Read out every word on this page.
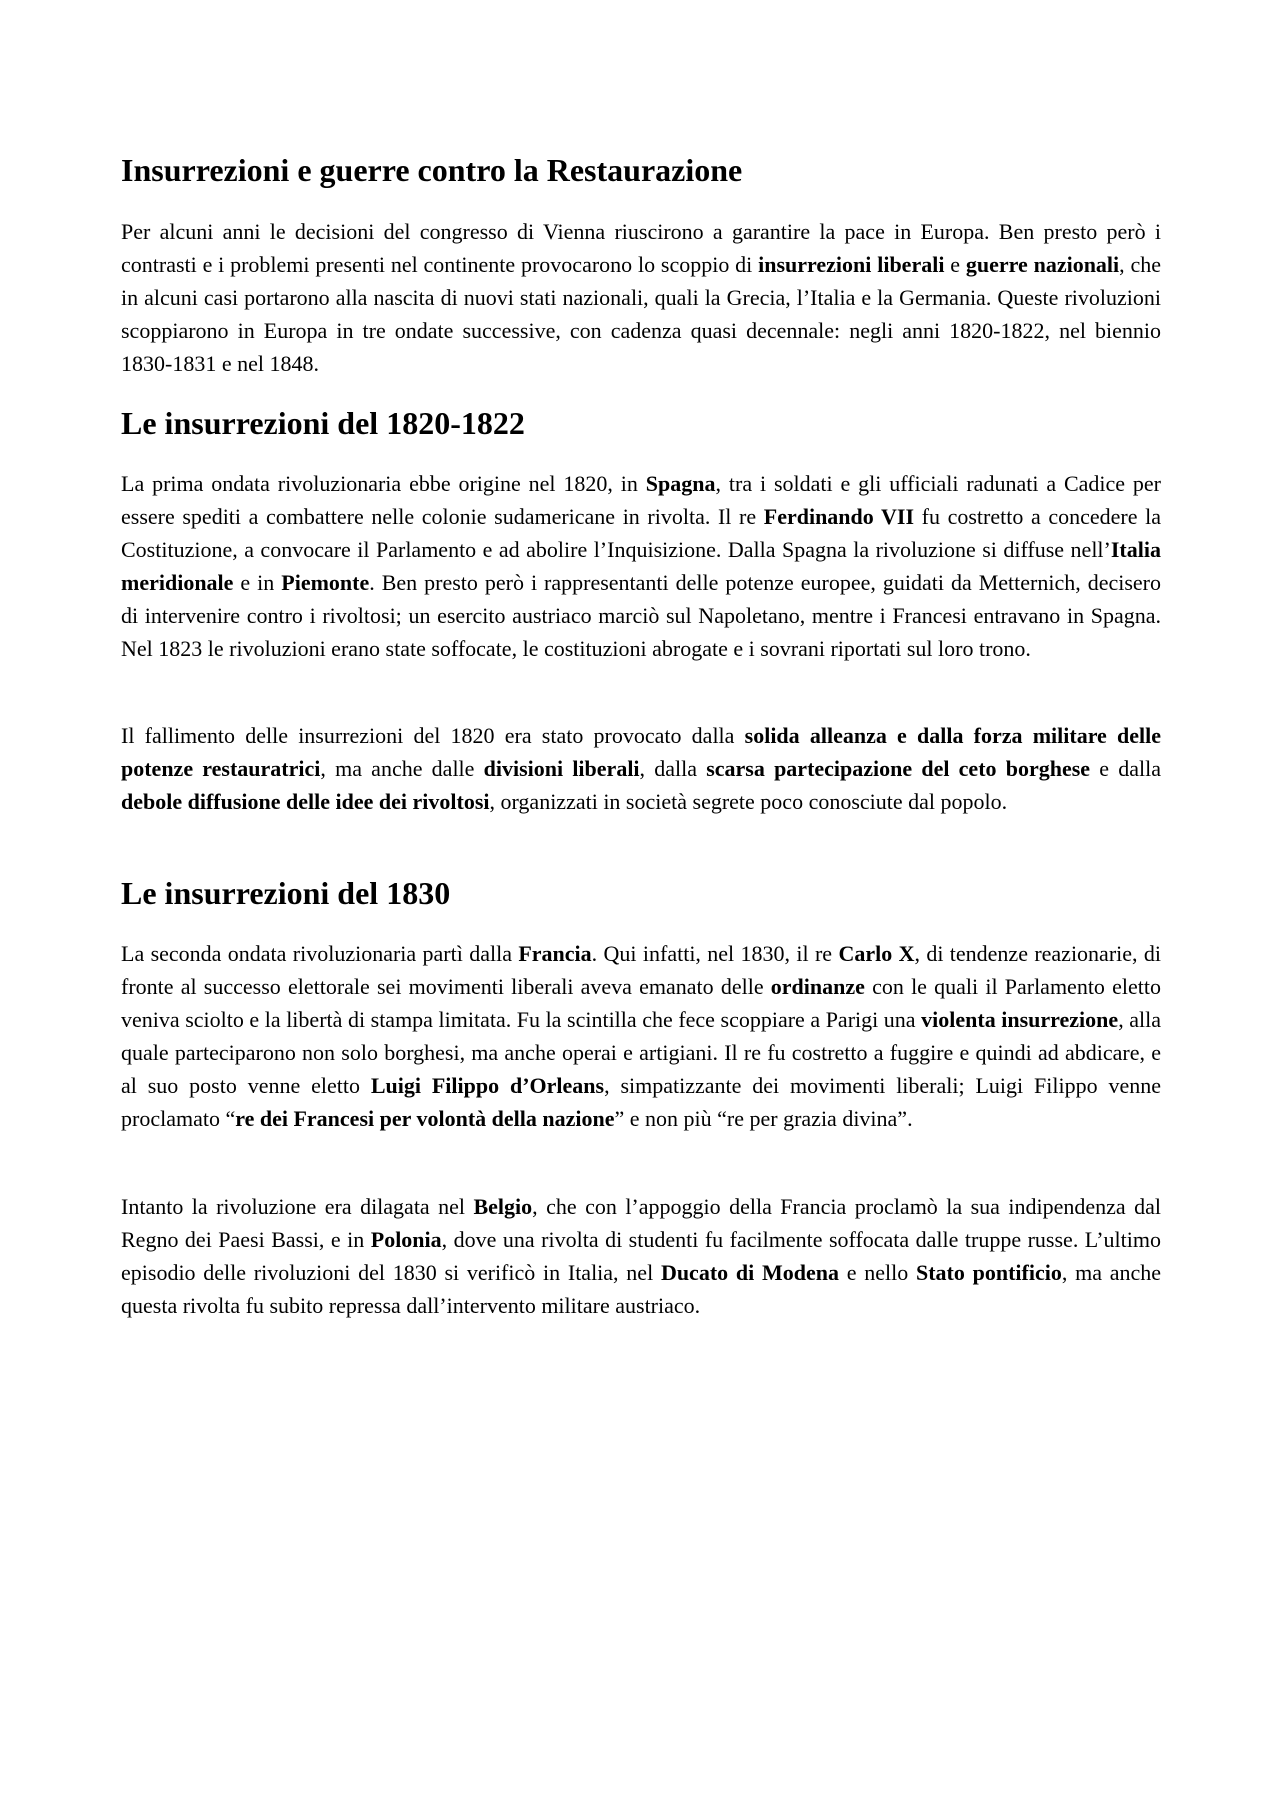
Insurrezioni e guerre contro la Restaurazione

Per alcuni anni le decisioni del congresso di Vienna riuscirono a garantire la pace in Europa. Ben presto però i contrasti e i problemi presenti nel continente provocarono lo scoppio di insurrezioni liberali e guerre nazionali, che in alcuni casi portarono alla nascita di nuovi stati nazionali, quali la Grecia, l’Italia e la Germania. Queste rivoluzioni scoppiarono in Europa in tre ondate successive, con cadenza quasi decennale: negli anni 1820-1822, nel biennio 1830-1831 e nel 1848.

Le insurrezioni del 1820-1822

La prima ondata rivoluzionaria ebbe origine nel 1820, in Spagna, tra i soldati e gli ufficiali radunati a Cadice per essere spediti a combattere nelle colonie sudamericane in rivolta. Il re Ferdinando VII fu costretto a concedere la Costituzione, a convocare il Parlamento e ad abolire l’Inquisizione. Dalla Spagna la rivoluzione si diffuse nell’Italia meridionale e in Piemonte. Ben presto però i rappresentanti delle potenze europee, guidati da Metternich, decisero di intervenire contro i rivoltosi; un esercito austriaco marciò sul Napoletano, mentre i Francesi entravano in Spagna. Nel 1823 le rivoluzioni erano state soffocate, le costituzioni abrogate e i sovrani riportati sul loro trono.

Il fallimento delle insurrezioni del 1820 era stato provocato dalla solida alleanza e dalla forza militare delle potenze restauratrici, ma anche dalle divisioni liberali, dalla scarsa partecipazione del ceto borghese e dalla debole diffusione delle idee dei rivoltosi, organizzati in società segrete poco conosciute dal popolo.

Le insurrezioni del 1830

La seconda ondata rivoluzionaria partì dalla Francia. Qui infatti, nel 1830, il re Carlo X, di tendenze reazionarie, di fronte al successo elettorale sei movimenti liberali aveva emanato delle ordinanze con le quali il Parlamento eletto veniva sciolto e la libertà di stampa limitata. Fu la scintilla che fece scoppiare a Parigi una violenta insurrezione, alla quale parteciparono non solo borghesi, ma anche operai e artigiani. Il re fu costretto a fuggire e quindi ad abdicare, e al suo posto venne eletto Luigi Filippo d’Orleans, simpatizzante dei movimenti liberali; Luigi Filippo venne proclamato “re dei Francesi per volontà della nazione” e non più “re per grazia divina”.

Intanto la rivoluzione era dilagata nel Belgio, che con l’appoggio della Francia proclamò la sua indipendenza dal Regno dei Paesi Bassi, e in Polonia, dove una rivolta di studenti fu facilmente soffocata dalle truppe russe. L’ultimo episodio delle rivoluzioni del 1830 si verificò in Italia, nel Ducato di Modena e nello Stato pontificio, ma anche questa rivolta fu subito repressa dall’intervento militare austriaco.
